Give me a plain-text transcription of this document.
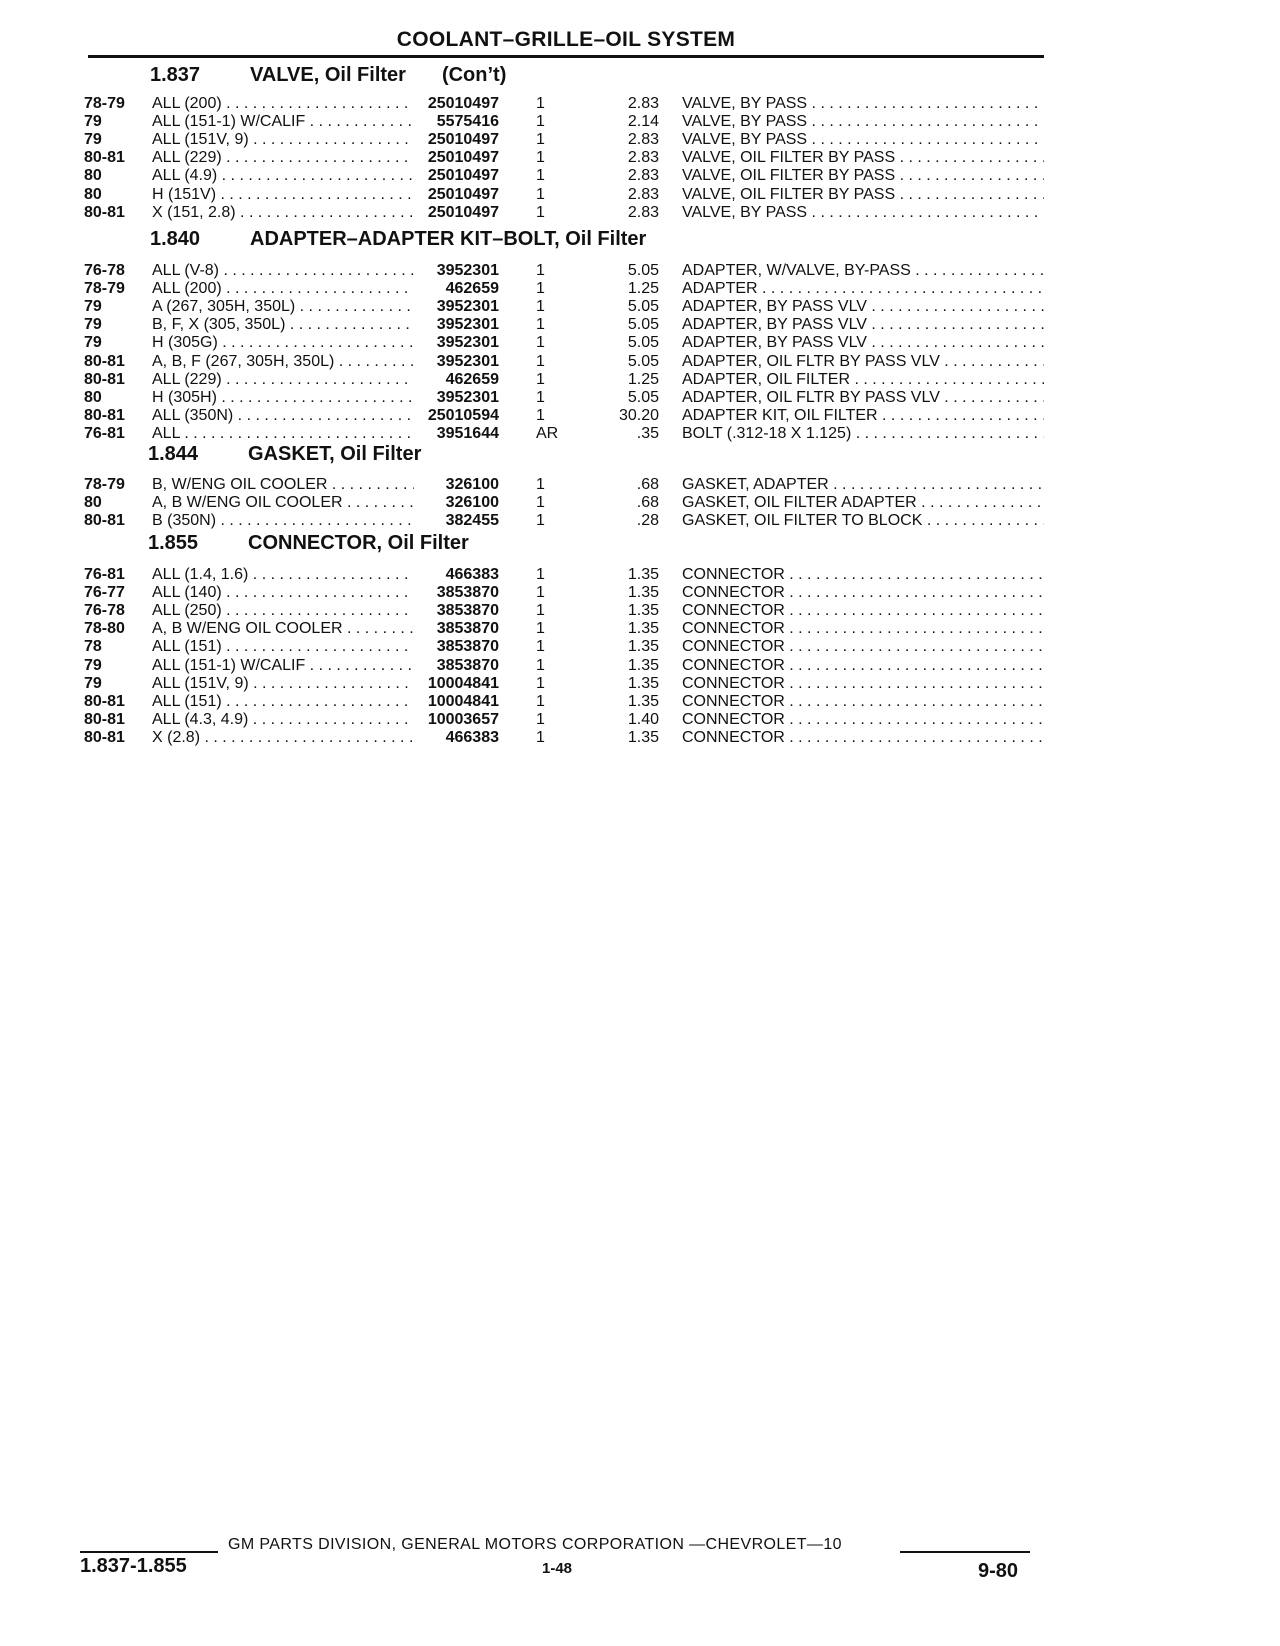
COOLANT–GRILLE–OIL SYSTEM
1.837 VALVE, Oil Filter (Con’t)
78-79 ALL (200) . . .	25010497 1	2.83 VALVE, BY PASS . . .
79	ALL (151-1) W/CALIF . . .	5575416 1	2.14 VALVE, BY PASS . . .
79	ALL (151V, 9) . . .	25010497 1	2.83 VALVE, BY PASS . . .
80-81 ALL (229) . . .	25010497 1	2.83 VALVE, OIL FILTER BY PASS . . .
80	ALL (4.9) . . .	25010497 1	2.83 VALVE, OIL FILTER BY PASS . . .
80	H (151V) . . .	25010497 1	2.83 VALVE, OIL FILTER BY PASS . . .
80-81 X (151, 2.8) . . .	25010497 1	2.83 VALVE, BY PASS . . .
1.840 ADAPTER–ADAPTER KIT–BOLT, Oil Filter
76-78 ALL (V-8) . . .	3952301 1	5.05 ADAPTER, W/VALVE, BY-PASS . . .
78-79 ALL (200) . . .	462659 1	1.25 ADAPTER . . .
79	A (267, 305H, 350L) . . .	3952301 1	5.05 ADAPTER, BY PASS VLV . . .
79	B, F, X (305, 350L) . . .	3952301 1	5.05 ADAPTER, BY PASS VLV . . .
79	H (305G) . . .	3952301 1	5.05 ADAPTER, BY PASS VLV . . .
80-81 A, B, F (267, 305H, 350L) . . .	3952301 1	5.05 ADAPTER, OIL FLTR BY PASS VLV . . .
80-81 ALL (229) . . .	462659 1	1.25 ADAPTER, OIL FILTER . . .
80	H (305H) . . .	3952301 1	5.05 ADAPTER, OIL FLTR BY PASS VLV . . .
80-81 ALL (350N) . . .	25010594 1	30.20 ADAPTER KIT, OIL FILTER . . .
76-81 ALL . . .	3951644 AR	.35 BOLT (.312-18 X 1.125) . . .
1.844 GASKET, Oil Filter
78-79 B, W/ENG OIL COOLER . . .	326100 1	.68 GASKET, ADAPTER . . .
80	A, B W/ENG OIL COOLER . . .	326100 1	.68 GASKET, OIL FILTER ADAPTER . . .
80-81 B (350N) . . .	382455 1	.28 GASKET, OIL FILTER TO BLOCK . . .
1.855 CONNECTOR, Oil Filter
76-81 ALL (1.4, 1.6) . . .	466383 1	1.35 CONNECTOR . . .
76-77 ALL (140) . . .	3853870 1	1.35 CONNECTOR . . .
76-78 ALL (250) . . .	3853870 1	1.35 CONNECTOR . . .
78-80 A, B W/ENG OIL COOLER . . .	3853870 1	1.35 CONNECTOR . . .
78	ALL (151) . . .	3853870 1	1.35 CONNECTOR . . .
79	ALL (151-1) W/CALIF . . .	3853870 1	1.35 CONNECTOR . . .
79	ALL (151V, 9) . . .	10004841 1	1.35 CONNECTOR . . .
80-81 ALL (151) . . .	10004841 1	1.35 CONNECTOR . . .
80-81 ALL (4.3, 4.9) . . .	10003657 1	1.40 CONNECTOR . . .
80-81 X (2.8) . . .	466383 1	1.35 CONNECTOR . . .
GM PARTS DIVISION, GENERAL MOTORS CORPORATION —CHEVROLET—10
1.837-1.855	1-48	9-80
